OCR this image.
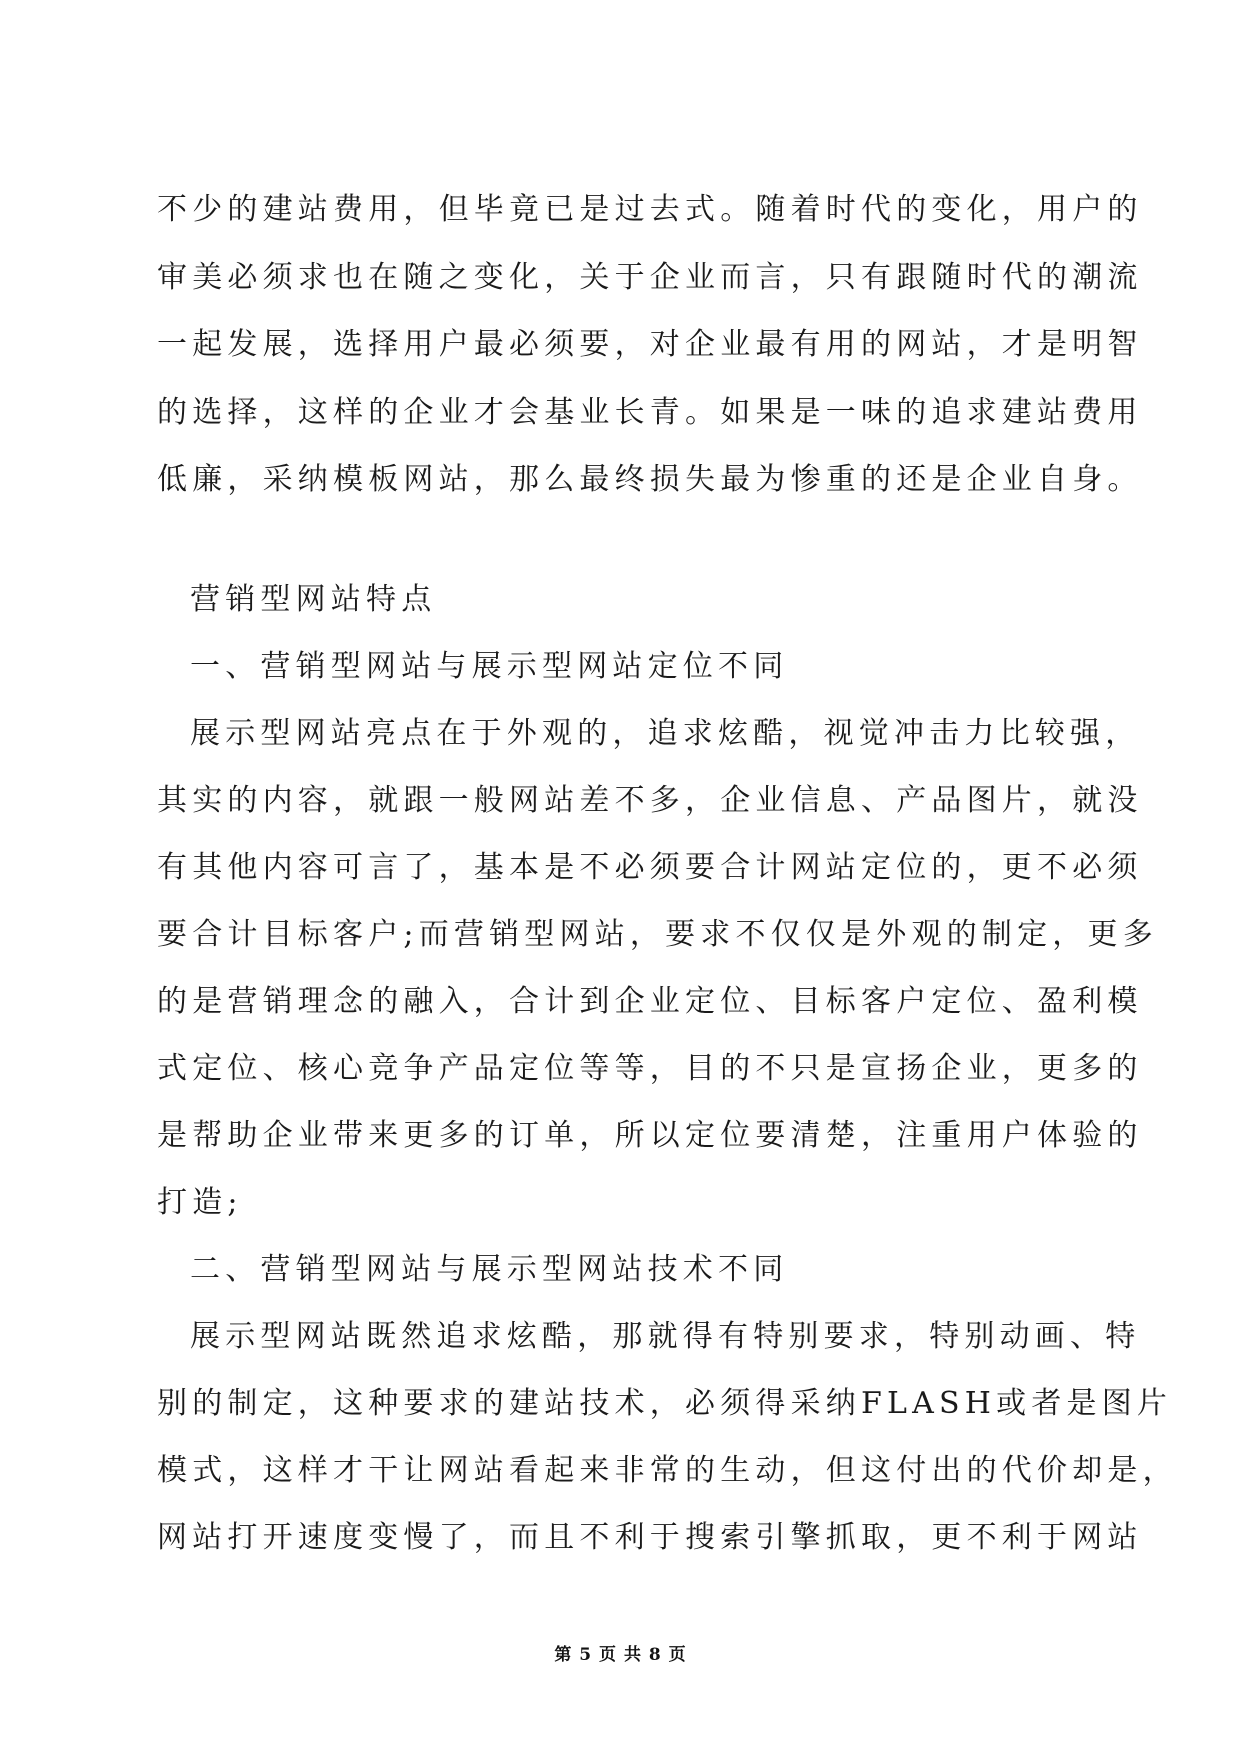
不少的建站费用，但毕竟已是过去式。随着时代的变化，用户的
审美必须求也在随之变化，关于企业而言，只有跟随时代的潮流
一起发展，选择用户最必须要，对企业最有用的网站，才是明智
的选择，这样的企业才会基业长青。如果是一味的追求建站费用
低廉，采纳模板网站，那么最终损失最为惨重的还是企业自身。
营销型网站特点
一、营销型网站与展示型网站定位不同
展示型网站亮点在于外观的，追求炫酷，视觉冲击力比较强，
其实的内容，就跟一般网站差不多，企业信息、产品图片，就没
有其他内容可言了，基本是不必须要合计网站定位的，更不必须
要合计目标客户;而营销型网站，要求不仅仅是外观的制定，更多
的是营销理念的融入，合计到企业定位、目标客户定位、盈利模
式定位、核心竞争产品定位等等，目的不只是宣扬企业，更多的
是帮助企业带来更多的订单，所以定位要清楚，注重用户体验的
打造;
二、营销型网站与展示型网站技术不同
展示型网站既然追求炫酷，那就得有特别要求，特别动画、特
别的制定，这种要求的建站技术，必须得采纳FLASH或者是图片
模式，这样才干让网站看起来非常的生动，但这付出的代价却是，
网站打开速度变慢了，而且不利于搜索引擎抓取，更不利于网站
第 5 页 共 8 页
